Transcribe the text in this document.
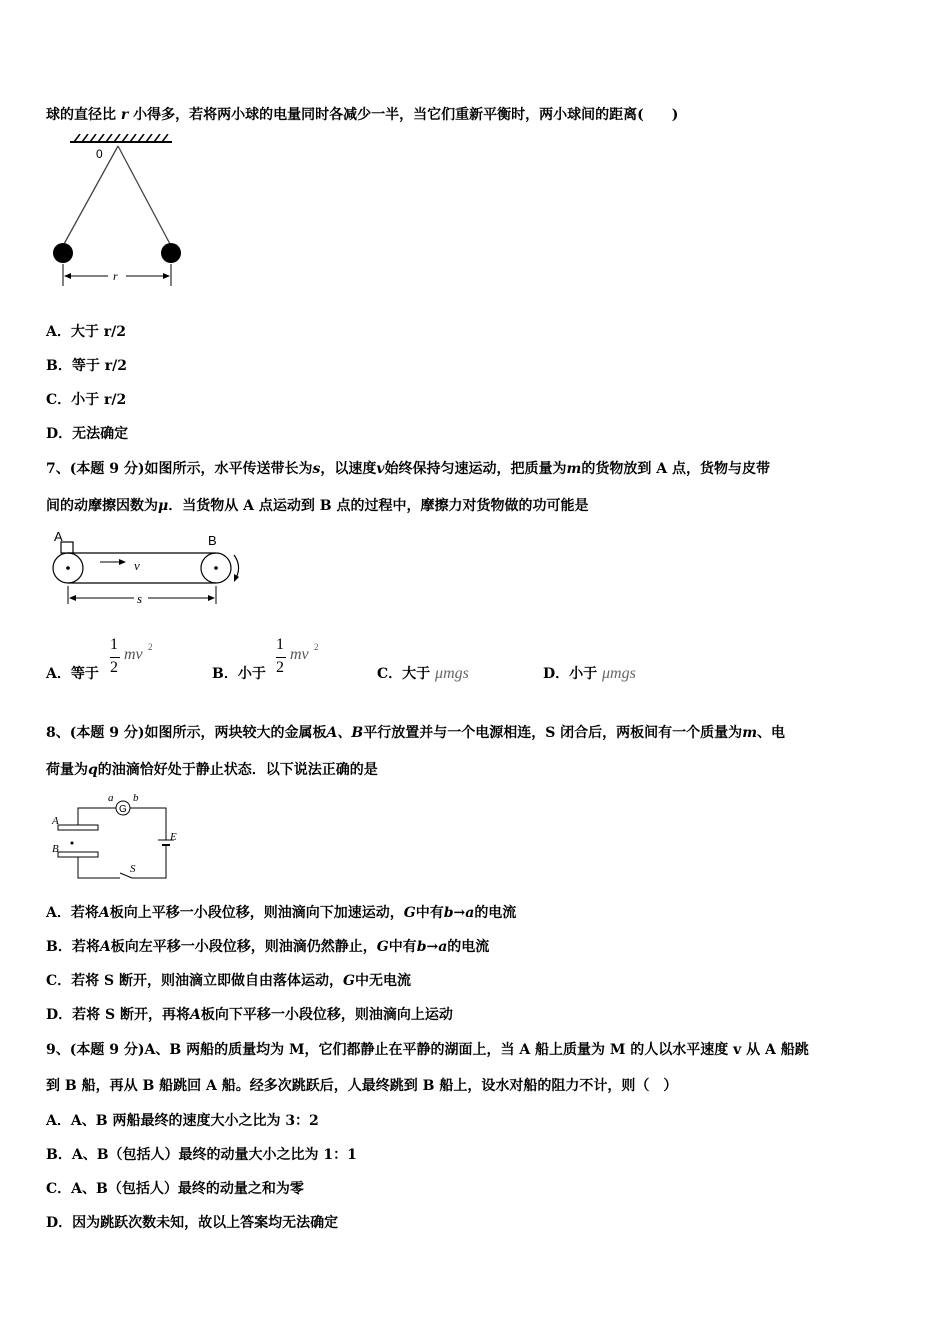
球的直径比 r 小得多，若将两小球的电量同时各减少一半，当它们重新平衡时，两小球间的距离(　　)
0
r
A．大于 r/2
B．等于 r/2
C．小于 r/2
D．无法确定
7、(本题 9 分)如图所示，水平传送带长为s，以速度v始终保持匀速运动，把质量为m的货物放到 A 点，货物与皮带
间的动摩擦因数为μ．当货物从 A 点运动到 B 点的过程中，摩擦力对货物做的功可能是
A	B
v
s
A．等于
1
2
mv 2
B．小于
1
2
mv 2
C．大于 μmgs	D．小于 μmgs
8、(本题 9 分)如图所示，两块较大的金属板A、B平行放置并与一个电源相连，S 闭合后，两板间有一个质量为m、电
荷量为q的油滴恰好处于静止状态．以下说法正确的是
a b
A
B
E
S
G
A．若将A板向上平移一小段位移，则油滴向下加速运动，G中有b→a的电流
B．若将A板向左平移一小段位移，则油滴仍然静止，G中有b→a的电流
C．若将 S 断开，则油滴立即做自由落体运动，G中无电流
D．若将 S 断开，再将A板向下平移一小段位移，则油滴向上运动
9、(本题 9 分)A、B 两船的质量均为 M，它们都静止在平静的湖面上，当 A 船上质量为 M 的人以水平速度 v 从 A 船跳
到 B 船，再从 B 船跳回 A 船。经多次跳跃后，人最终跳到 B 船上，设水对船的阻力不计，则（　）
A．A、B 两船最终的速度大小之比为 3：2
B．A、B（包括人）最终的动量大小之比为 1：1
C．A、B（包括人）最终的动量之和为零
D．因为跳跃次数未知，故以上答案均无法确定
